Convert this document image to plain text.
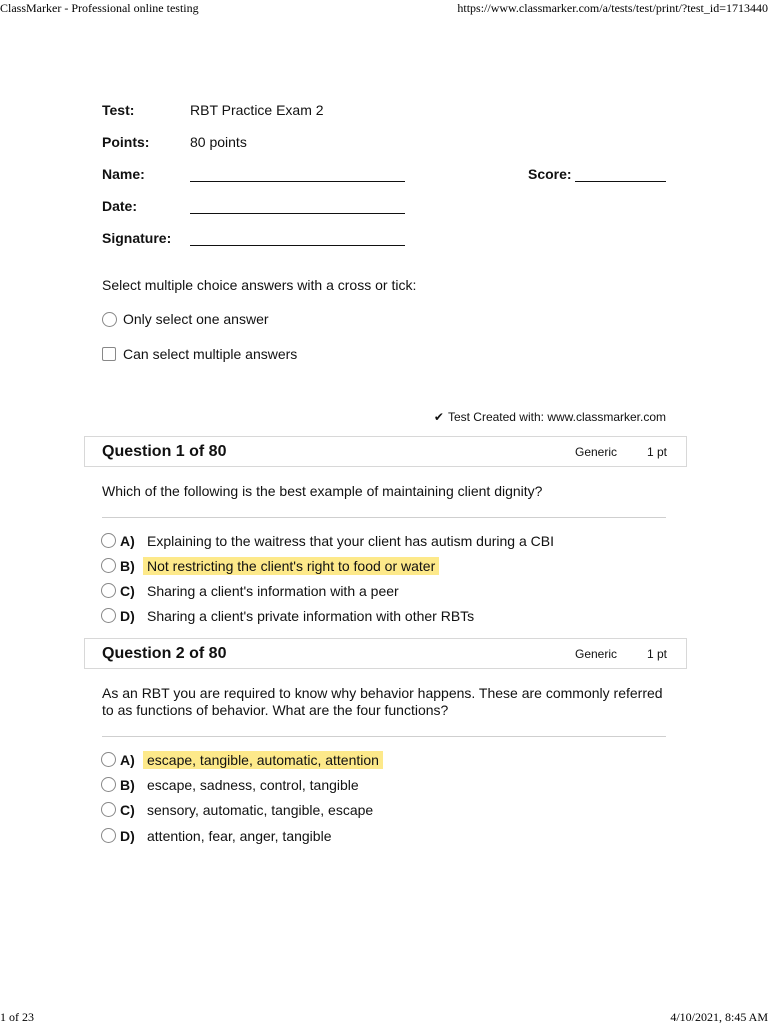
ClassMarker - Professional online testing	https://www.classmarker.com/a/tests/test/print/?test_id=1713440
Test:	RBT Practice Exam 2
Points:	80 points
Name:	Score:
Date:
Signature:
Select multiple choice answers with a cross or tick:
Only select one answer
Can select multiple answers
✔ Test Created with: www.classmarker.com
Question 1 of 80	Generic 1 pt
Which of the following is the best example of maintaining client dignity?
A) Explaining to the waitress that your client has autism during a CBI
B) Not restricting the client's right to food or water
C) Sharing a client's information with a peer
D) Sharing a client's private information with other RBTs
Question 2 of 80	Generic 1 pt
As an RBT you are required to know why behavior happens. These are commonly referred to as functions of behavior. What are the four functions?
A) escape, tangible, automatic, attention
B) escape, sadness, control, tangible
C) sensory, automatic, tangible, escape
D) attention, fear, anger, tangible
1 of 23	4/10/2021, 8:45 AM
